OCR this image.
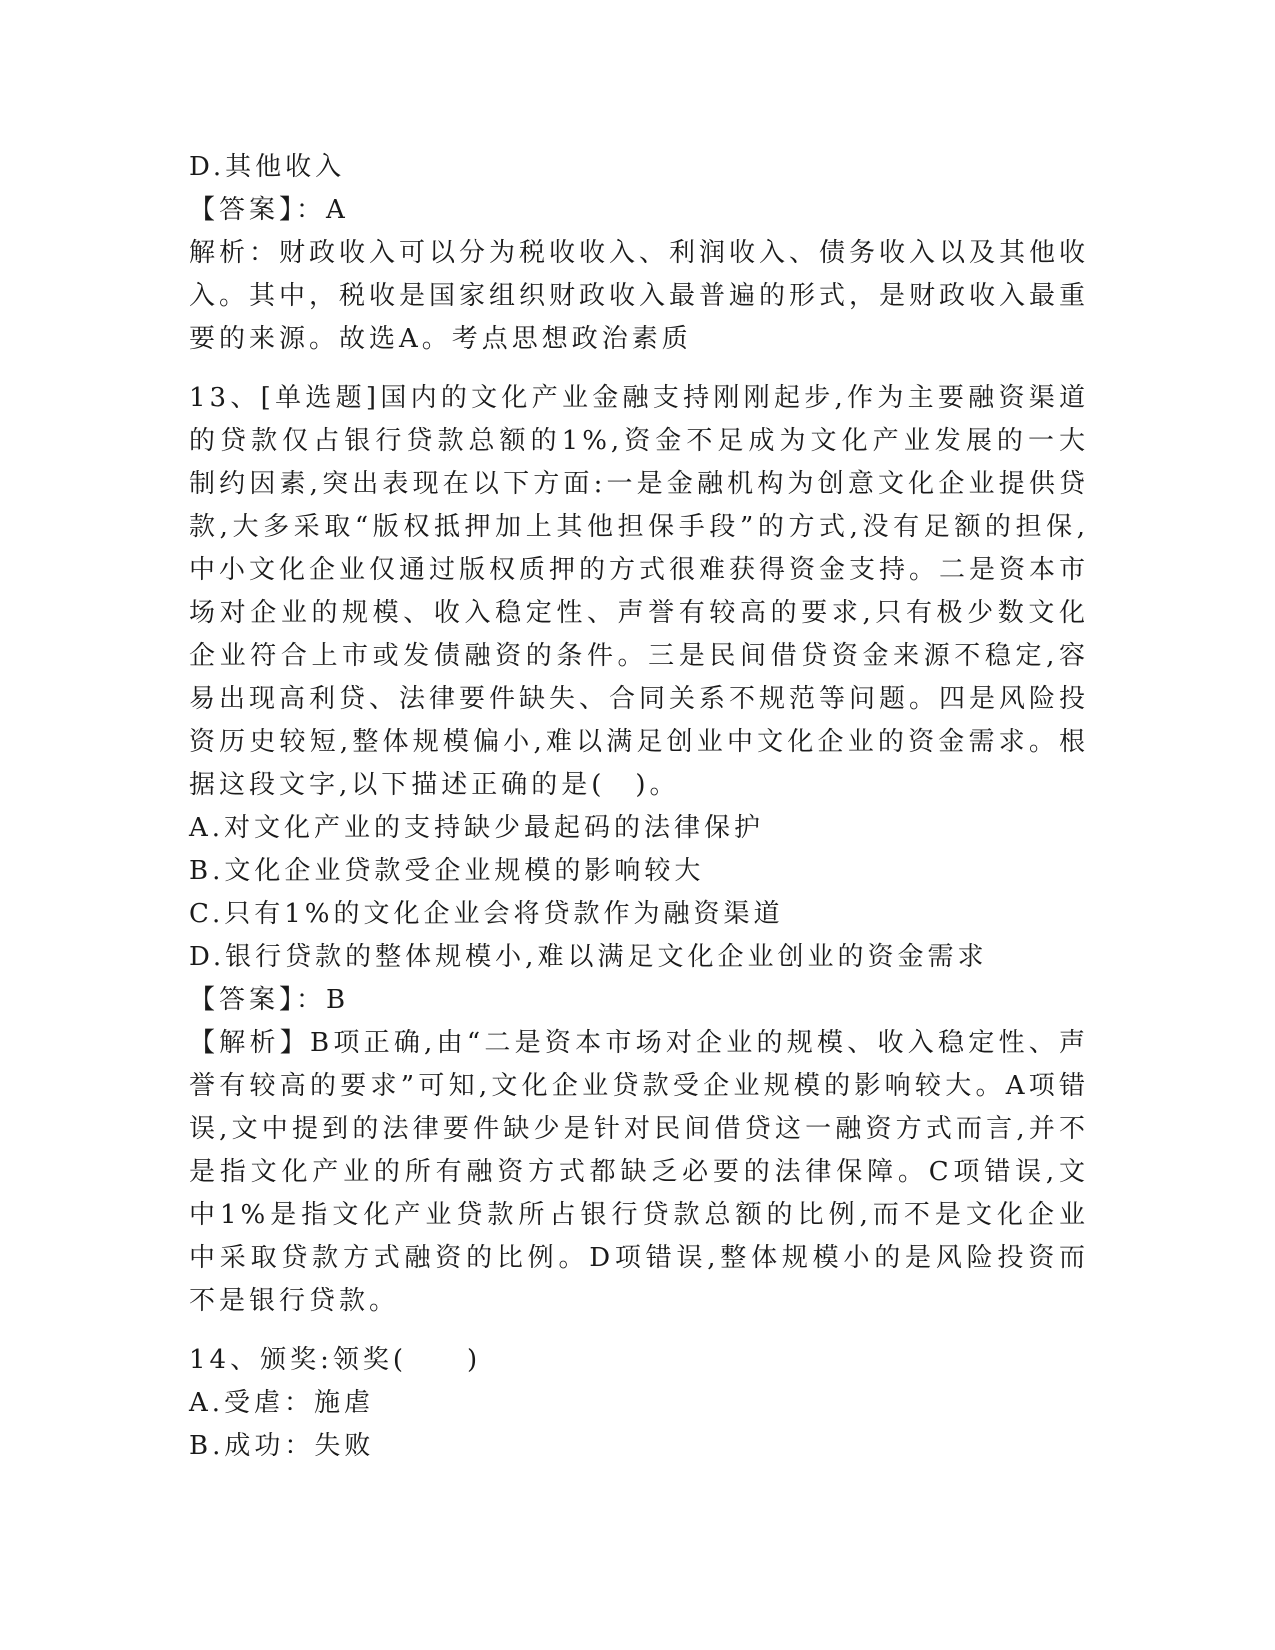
D.其他收入
【答案】：A
解析：财政收入可以分为税收收入、利润收入、债务收入以及其他收入。其中，税收是国家组织财政收入最普遍的形式，是财政收入最重要的来源。故选A。考点思想政治素质
13、[单选题]国内的文化产业金融支持刚刚起步,作为主要融资渠道的贷款仅占银行贷款总额的1%,资金不足成为文化产业发展的一大制约因素,突出表现在以下方面:一是金融机构为创意文化企业提供贷款,大多采取“版权抵押加上其他担保手段”的方式,没有足额的担保,中小文化企业仅通过版权质押的方式很难获得资金支持。二是资本市场对企业的规模、收入稳定性、声誉有较高的要求,只有极少数文化企业符合上市或发债融资的条件。三是民间借贷资金来源不稳定,容易出现高利贷、法律要件缺失、合同关系不规范等问题。四是风险投资历史较短,整体规模偏小,难以满足创业中文化企业的资金需求。根据这段文字,以下描述正确的是(　)。
A.对文化产业的支持缺少最起码的法律保护
B.文化企业贷款受企业规模的影响较大
C.只有1%的文化企业会将贷款作为融资渠道
D.银行贷款的整体规模小,难以满足文化企业创业的资金需求
【答案】：B
【解析】B项正确,由“二是资本市场对企业的规模、收入稳定性、声誉有较高的要求”可知,文化企业贷款受企业规模的影响较大。A项错误,文中提到的法律要件缺少是针对民间借贷这一融资方式而言,并不是指文化产业的所有融资方式都缺乏必要的法律保障。C项错误,文中1%是指文化产业贷款所占银行贷款总额的比例,而不是文化企业中采取贷款方式融资的比例。D项错误,整体规模小的是风险投资而不是银行贷款。
14、颁奖:领奖(　　)
A.受虐：施虐
B.成功：失败
